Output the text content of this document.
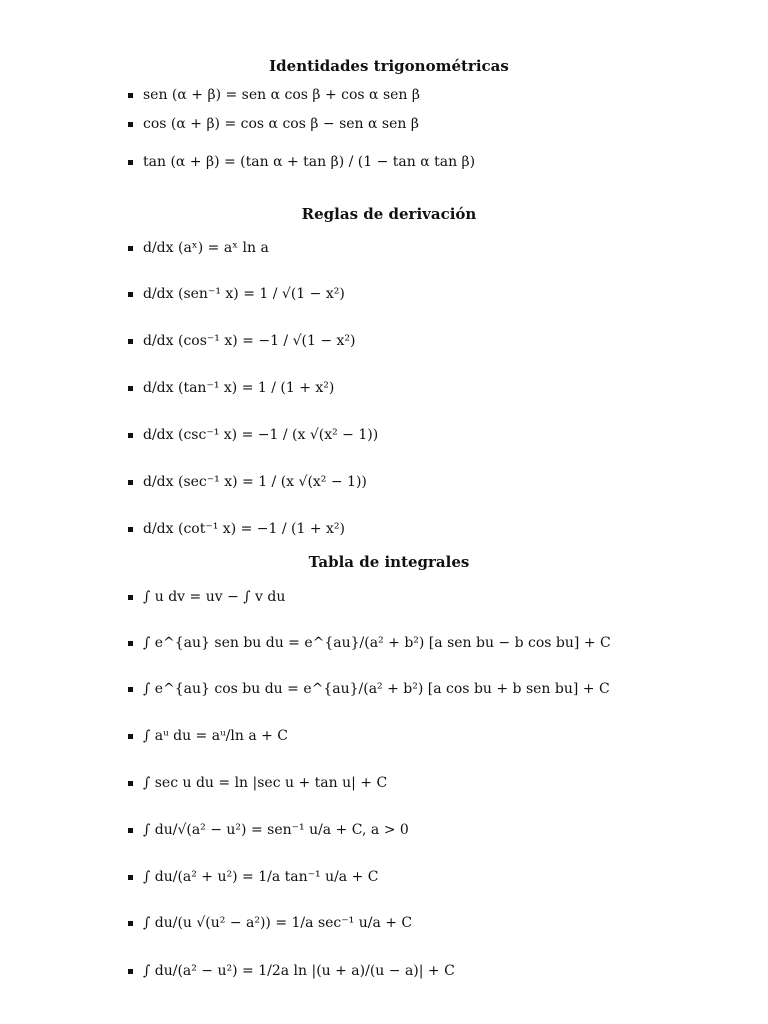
Identidades trigonométricas
sen (α + β) = sen α cos β + cos α sen β
cos (α + β) = cos α cos β − sen α sen β
tan (α + β) = (tan α + tan β) / (1 − tan α tan β)
Reglas de derivación
d/dx (aˣ) = aˣ ln a
d/dx (sen⁻¹ x) = 1 / √(1 − x²)
d/dx (cos⁻¹ x) = −1 / √(1 − x²)
d/dx (tan⁻¹ x) = 1 / (1 + x²)
d/dx (csc⁻¹ x) = −1 / (x √(x² − 1))
d/dx (sec⁻¹ x) = 1 / (x √(x² − 1))
d/dx (cot⁻¹ x) = −1 / (1 + x²)
Tabla de integrales
∫ u dv = uv − ∫ v du
∫ e^{au} sen bu du = e^{au}/(a² + b²) [a sen bu − b cos bu] + C
∫ e^{au} cos bu du = e^{au}/(a² + b²) [a cos bu + b sen bu] + C
∫ aᵘ du = aᵘ/ln a + C
∫ sec u du = ln |sec u + tan u| + C
∫ du/√(a² − u²) = sen⁻¹ u/a + C, a > 0
∫ du/(a² + u²) = 1/a tan⁻¹ u/a + C
∫ du/(u √(u² − a²)) = 1/a sec⁻¹ u/a + C
∫ du/(a² − u²) = 1/2a ln |(u + a)/(u − a)| + C
